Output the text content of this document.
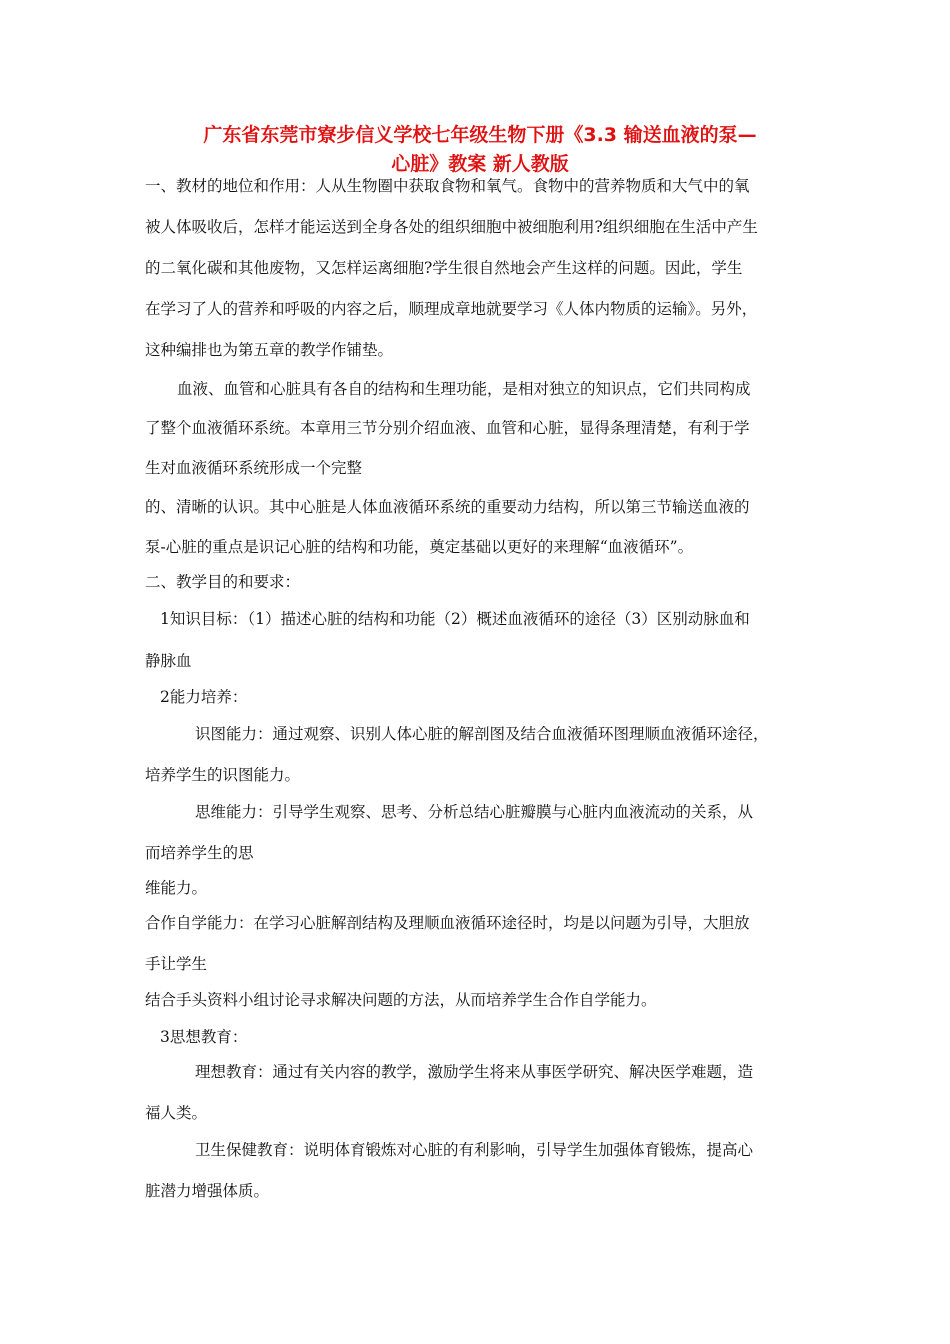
广东省东莞市寮步信义学校七年级生物下册《3.3 输送血液的泵—
心脏》教案 新人教版

一、教材的地位和作用：人从生物圈中获取食物和氧气。食物中的营养物质和大气中的氧

被人体吸收后，怎样才能运送到全身各处的组织细胞中被细胞利用?组织细胞在生活中产生

的二氧化碳和其他废物，又怎样运离细胞?学生很自然地会产生这样的问题。因此，学生

在学习了人的营养和呼吸的内容之后，顺理成章地就要学习《人体内物质的运输》。另外，

这种编排也为第五章的教学作铺垫。

血液、血管和心脏具有各自的结构和生理功能，是相对独立的知识点，它们共同构成

了整个血液循环系统。本章用三节分别介绍血液、血管和心脏，显得条理清楚，有利于学

生对血液循环系统形成一个完整

的、清晰的认识。其中心脏是人体血液循环系统的重要动力结构，所以第三节输送血液的

泵-心脏的重点是识记心脏的结构和功能，奠定基础以更好的来理解“血液循环”。

二、教学目的和要求：

1知识目标：（1）描述心脏的结构和功能（2）概述血液循环的途径（3）区别动脉血和

静脉血

2能力培养：

识图能力：通过观察、识别人体心脏的解剖图及结合血液循环图理顺血液循环途径，

培养学生的识图能力。

思维能力：引导学生观察、思考、分析总结心脏瓣膜与心脏内血液流动的关系，从

而培养学生的思

维能力。

合作自学能力：在学习心脏解剖结构及理顺血液循环途径时，均是以问题为引导，大胆放

手让学生

结合手头资料小组讨论寻求解决问题的方法，从而培养学生合作自学能力。

3思想教育：

理想教育：通过有关内容的教学，激励学生将来从事医学研究、解决医学难题，造

福人类。

卫生保健教育：说明体育锻炼对心脏的有利影响，引导学生加强体育锻炼，提高心

脏潜力增强体质。
